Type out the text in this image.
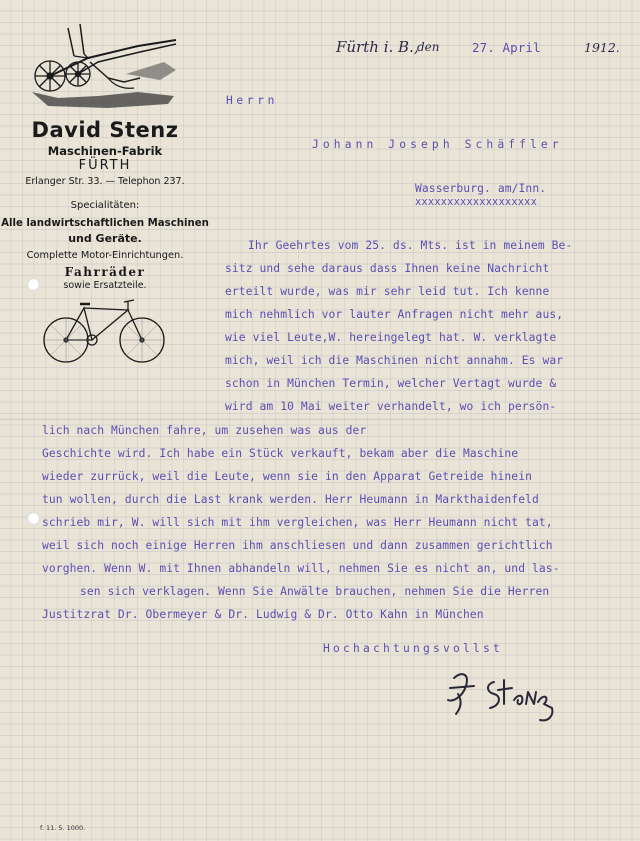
David Stenz
Maschinen-Fabrik
FÜRTH
Erlanger Str. 33. — Telephon 237.
Specialitäten:
Alle landwirtschaftlichen Maschinen
und Geräte.
Complette Motor-Einrichtungen.
Fahrräder
sowie Ersatzteile.
Fürth i. B.,
den	27. April	1912.
Herrn
Johann Joseph Schäffler
Wasserburg. am/Inn.
xxxxxxxxxxxxxxxxxxx
Ihr Geehrtes vom 25. ds. Mts. ist in meinem Be-
sitz und sehe daraus dass Ihnen keine Nachricht
erteilt wurde, was mir sehr leid tut. Ich kenne
mich nehmlich vor lauter Anfragen nicht mehr aus,
wie viel Leute,W. hereingelegt hat. W. verklagte
mich, weil ich die Maschinen nicht annahm. Es war
schon in München Termin, welcher Vertagt wurde &
wird am 10 Mai weiter verhandelt, wo ich persön-
lich nach München fahre, um zusehen was aus der
Geschichte wird. Ich habe ein Stück verkauft, bekam aber die Maschine
wieder zurrück, weil die Leute, wenn sie in den Apparat Getreide hinein
tun wollen, durch die Last krank werden. Herr Heumann in Markthaidenfeld
schrieb mir, W. will sich mit ihm vergleichen, was Herr Heumann nicht tat,
weil sich noch einige Herren ihm anschliesen und dann zusammen gerichtlich
vorghen. Wenn W. mit Ihnen abhandeln will, nehmen Sie es nicht an, und las-
sen sich verklagen. Wenn Sie Anwälte brauchen, nehmen Sie die Herren
Justitzrat Dr. Obermeyer & Dr. Ludwig & Dr. Otto Kahn in München
Hochachtungsvollst
f. 11. 5. 1000.
